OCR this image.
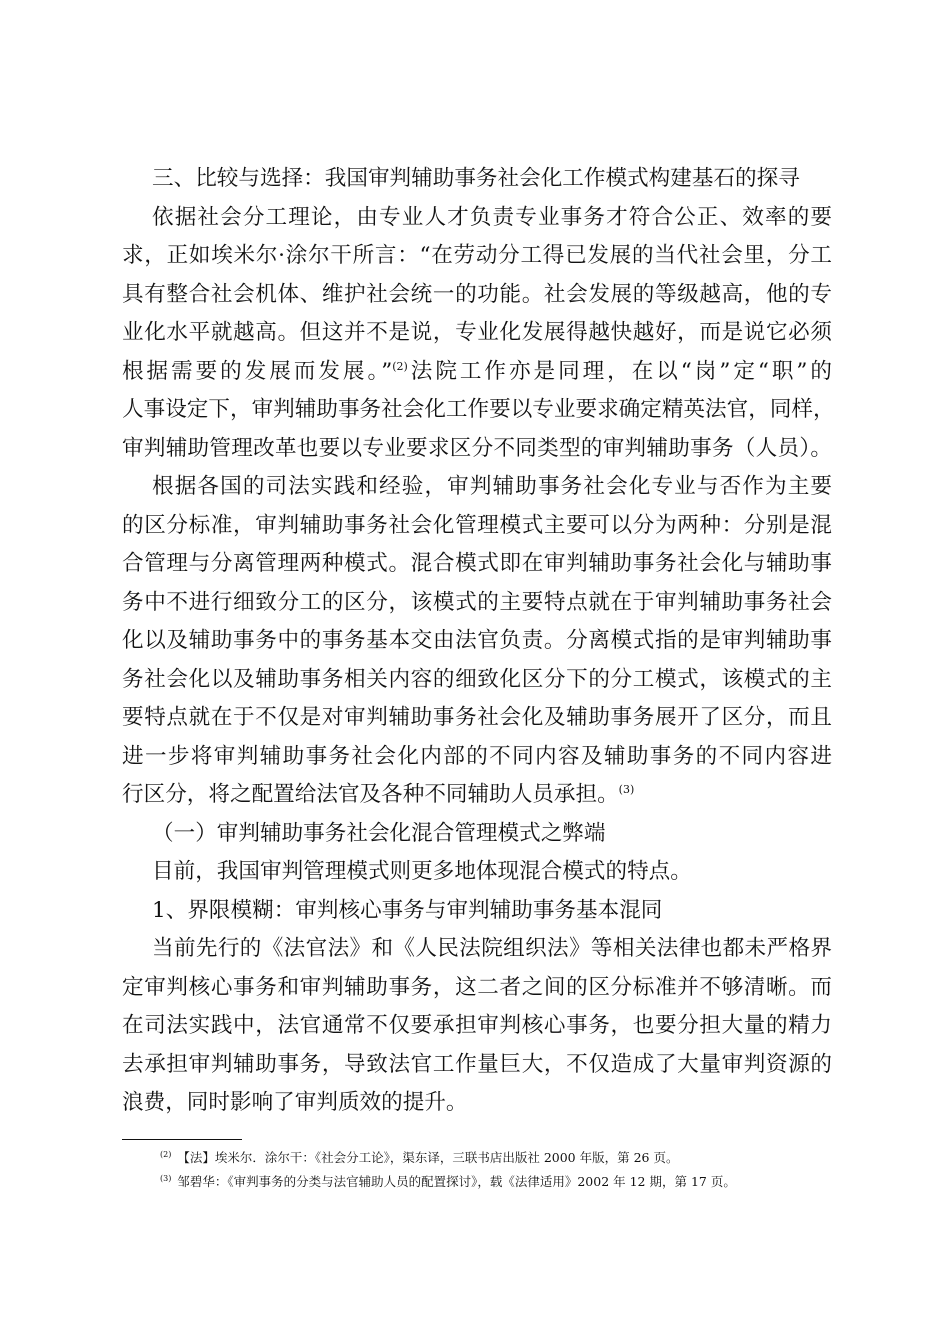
三、比较与选择：我国审判辅助事务社会化工作模式构建基石的探寻
依据社会分工理论，由专业人才负责专业事务才符合公正、效率的要
求，正如埃米尔·涂尔干所言：“在劳动分工得已发展的当代社会里，分工
具有整合社会机体、维护社会统一的功能。社会发展的等级越高，他的专
业化水平就越高。但这并不是说，专业化发展得越快越好，而是说它必须
根据需要的发展而发展。”$^{(2)}$法院工作亦是同理，在以“岗”定“职”的
人事设定下，审判辅助事务社会化工作要以专业要求确定精英法官，同样，
审判辅助管理改革也要以专业要求区分不同类型的审判辅助事务（人员）。
根据各国的司法实践和经验，审判辅助事务社会化专业与否作为主要
的区分标准，审判辅助事务社会化管理模式主要可以分为两种：分别是混
合管理与分离管理两种模式。混合模式即在审判辅助事务社会化与辅助事
务中不进行细致分工的区分，该模式的主要特点就在于审判辅助事务社会
化以及辅助事务中的事务基本交由法官负责。分离模式指的是审判辅助事
务社会化以及辅助事务相关内容的细致化区分下的分工模式，该模式的主
要特点就在于不仅是对审判辅助事务社会化及辅助事务展开了区分，而且
进一步将审判辅助事务社会化内部的不同内容及辅助事务的不同内容进
行区分，将之配置给法官及各种不同辅助人员承担。$^{(3)}$
（一）审判辅助事务社会化混合管理模式之弊端
目前，我国审判管理模式则更多地体现混合模式的特点。
1、界限模糊：审判核心事务与审判辅助事务基本混同
当前先行的《法官法》和《人民法院组织法》等相关法律也都未严格界
定审判核心事务和审判辅助事务，这二者之间的区分标准并不够清晰。而
在司法实践中，法官通常不仅要承担审判核心事务，也要分担大量的精力
去承担审判辅助事务，导致法官工作量巨大，不仅造成了大量审判资源的
浪费，同时影响了审判质效的提升。
$^{(2)}$ 【法】埃米尔．涂尔干：《社会分工论》，渠东译，三联书店出版社 2000 年版，第 26 页。
$^{(3)}$ 邹碧华：《审判事务的分类与法官辅助人员的配置探讨》，载《法律适用》2002 年 12 期，第 17 页。
